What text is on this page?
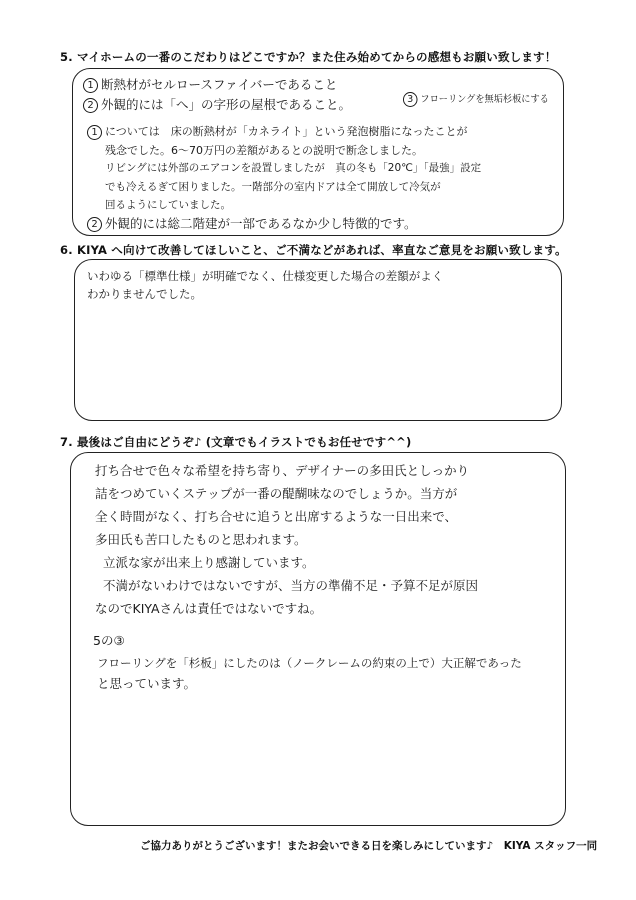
5. マイホームの一番のこだわりはどこですか？また住み始めてからの感想もお願い致します！
1 断熱材がセルロースファイバーであること
2 外観的には「へ」の字形の屋根であること。	3 フローリングを無垢杉板にする
1 については　床の断熱材が「カネライト」という発泡樹脂になったことが
残念でした。6〜70万円の差額があるとの説明で断念しました。
リビングには外部のエアコンを設置しましたが　真の冬も「20℃」「最強」設定
でも冷えるぎて困りました。一階部分の室内ドアは全て開放して冷気が
回るようにしていました。
2 外観的には総二階建が一部であるなか少し特徴的です。
6. KIYA へ向けて改善してほしいこと、ご不満などがあれば、率直なご意見をお願い致します。
いわゆる「標準仕様」が明確でなく、仕様変更した場合の差額がよく
わかりませんでした。
7. 最後はご自由にどうぞ♪ (文章でもイラストでもお任せです^^)
打ち合せで色々な希望を持ち寄り、デザイナーの多田氏としっかり
詰をつめていくステップが一番の醍醐味なのでしょうか。当方が
全く時間がなく、打ち合せに追うと出席するような一日出来で、
多田氏も苦口したものと思われます。
立派な家が出来上り感謝しています。
不満がないわけではないですが、当方の準備不足・予算不足が原因
なのでKIYAさんは責任ではないですね。
5の③
フローリングを「杉板」にしたのは（ノークレームの約束の上で）大正解であった
と思っています。
ご協力ありがとうございます！またお会いできる日を楽しみにしています♪　KIYA スタッフ一同
